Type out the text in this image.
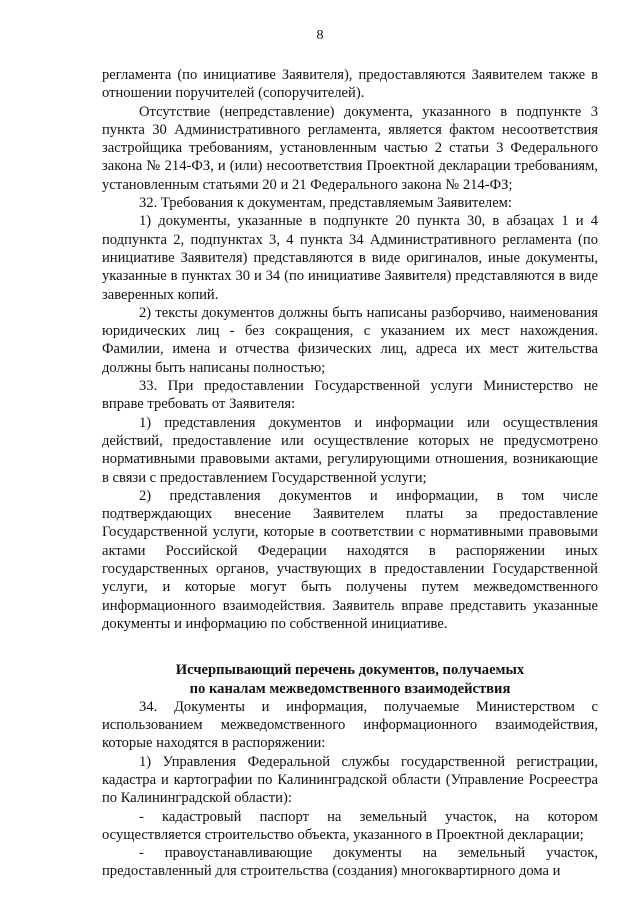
8

регламента (по инициативе Заявителя), предоставляются Заявителем также в отношении поручителей (сопоручителей).

Отсутствие (непредставление) документа, указанного в подпункте 3 пункта 30 Административного регламента, является фактом несоответствия застройщика требованиям, установленным частью 2 статьи 3 Федерального закона № 214-ФЗ, и (или) несоответствия Проектной декларации требованиям, установленным статьями 20 и 21 Федерального закона № 214-ФЗ;

32. Требования к документам, представляемым Заявителем:

1) документы, указанные в подпункте 20 пункта 30, в абзацах 1 и 4 подпункта 2, подпунктах 3, 4 пункта 34 Административного регламента (по инициативе Заявителя) представляются в виде оригиналов, иные документы, указанные в пунктах 30 и 34 (по инициативе Заявителя) представляются в виде заверенных копий.

2) тексты документов должны быть написаны разборчиво, наименования юридических лиц - без сокращения, с указанием их мест нахождения. Фамилии, имена и отчества физических лиц, адреса их мест жительства должны быть написаны полностью;

33. При предоставлении Государственной услуги Министерство не вправе требовать от Заявителя:

1) представления документов и информации или осуществления действий, предоставление или осуществление которых не предусмотрено нормативными правовыми актами, регулирующими отношения, возникающие в связи с предоставлением Государственной услуги;

2) представления документов и информации, в том числе подтверждающих внесение Заявителем платы за предоставление Государственной услуги, которые в соответствии с нормативными правовыми актами Российской Федерации находятся в распоряжении иных государственных органов, участвующих в предоставлении Государственной услуги, и которые могут быть получены путем межведомственного информационного взаимодействия. Заявитель вправе представить указанные документы и информацию по собственной инициативе.

Исчерпывающий перечень документов, получаемых
по каналам межведомственного взаимодействия

34. Документы и информация, получаемые Министерством с использованием межведомственного информационного взаимодействия, которые находятся в распоряжении:

1) Управления Федеральной службы государственной регистрации, кадастра и картографии по Калининградской области (Управление Росреестра по Калининградской области):

- кадастровый паспорт на земельный участок, на котором осуществляется строительство объекта, указанного в Проектной декларации;

- правоустанавливающие документы на земельный участок, предоставленный для строительства (создания) многоквартирного дома и
